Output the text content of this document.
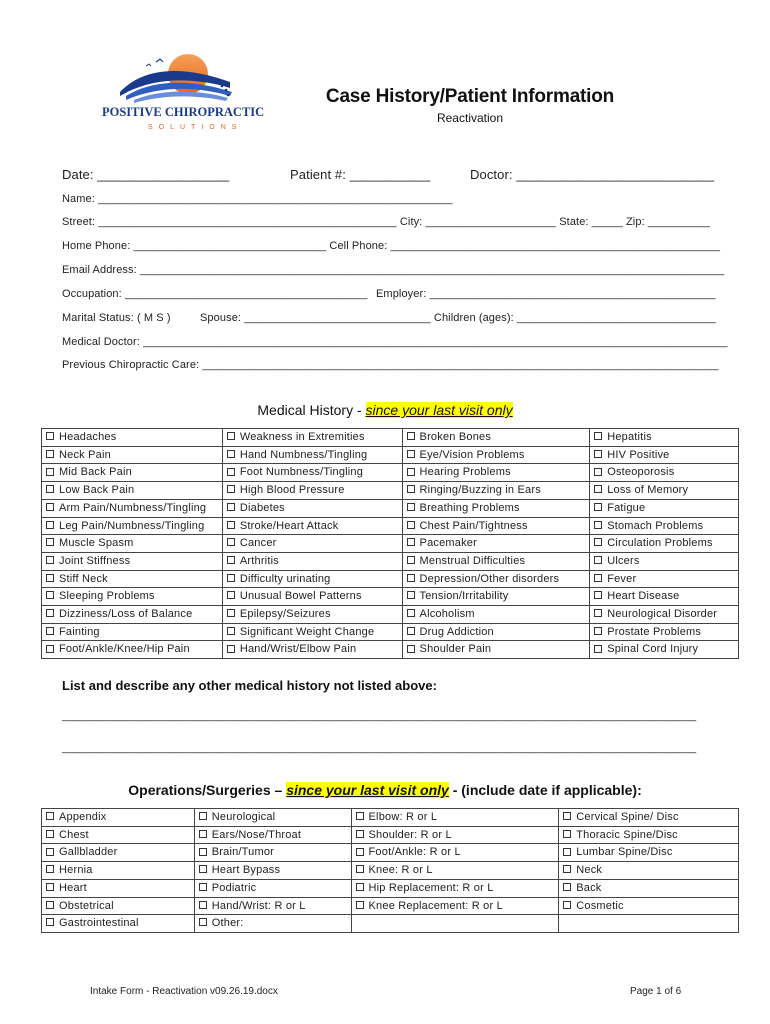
POSITIVE CHIROPRACTIC
SOLUTIONS
Case History/Patient Information
Reactivation
Date: __________________	Patient #: ___________	Doctor: ___________________________
Name: _________________________________________________________
Street: ________________________________________________ City: _____________________ State: _____ Zip: __________
Home Phone: _______________________________ Cell Phone: _____________________________________________________
Email Address: ______________________________________________________________________________________________
Occupation: _______________________________________ Employer: ______________________________________________
Marital Status: ( M S )	Spouse: ______________________________ Children (ages): ________________________________
Medical Doctor: ______________________________________________________________________________________________
Previous Chiropractic Care: ___________________________________________________________________________________
Medical History - since your last visit only
Headaches	Weakness in Extremities	Broken Bones	Hepatitis
Neck Pain	Hand Numbness/Tingling	Eye/Vision Problems	HIV Positive
Mid Back Pain	Foot Numbness/Tingling	Hearing Problems	Osteoporosis
Low Back Pain	High Blood Pressure	Ringing/Buzzing in Ears	Loss of Memory
Arm Pain/Numbness/Tingling	Diabetes	Breathing Problems	Fatigue
Leg Pain/Numbness/Tingling	Stroke/Heart Attack	Chest Pain/Tightness	Stomach Problems
Muscle Spasm	Cancer	Pacemaker	Circulation Problems
Joint Stiffness	Arthritis	Menstrual Difficulties	Ulcers
Stiff Neck	Difficulty urinating	Depression/Other disorders	Fever
Sleeping Problems	Unusual Bowel Patterns	Tension/Irritability	Heart Disease
Dizziness/Loss of Balance	Epilepsy/Seizures	Alcoholism	Neurological Disorder
Fainting	Significant Weight Change	Drug Addiction	Prostate Problems
Foot/Ankle/Knee/Hip Pain	Hand/Wrist/Elbow Pain	Shoulder Pain	Spinal Cord Injury
List and describe any other medical history not listed above:
______________________________________________________________________________________________________
______________________________________________________________________________________________________
Operations/Surgeries – since your last visit only - (include date if applicable):
Appendix	Neurological	Elbow: R or L	Cervical Spine/ Disc
Chest	Ears/Nose/Throat	Shoulder: R or L	Thoracic Spine/Disc
Gallbladder	Brain/Tumor	Foot/Ankle: R or L	Lumbar Spine/Disc
Hernia	Heart Bypass	Knee: R or L	Neck
Heart	Podiatric	Hip Replacement: R or L	Back
Obstetrical	Hand/Wrist: R or L	Knee Replacement: R or L	Cosmetic
Gastrointestinal	Other:		
Intake Form - Reactivation v09.26.19.docx	Page 1 of 6
